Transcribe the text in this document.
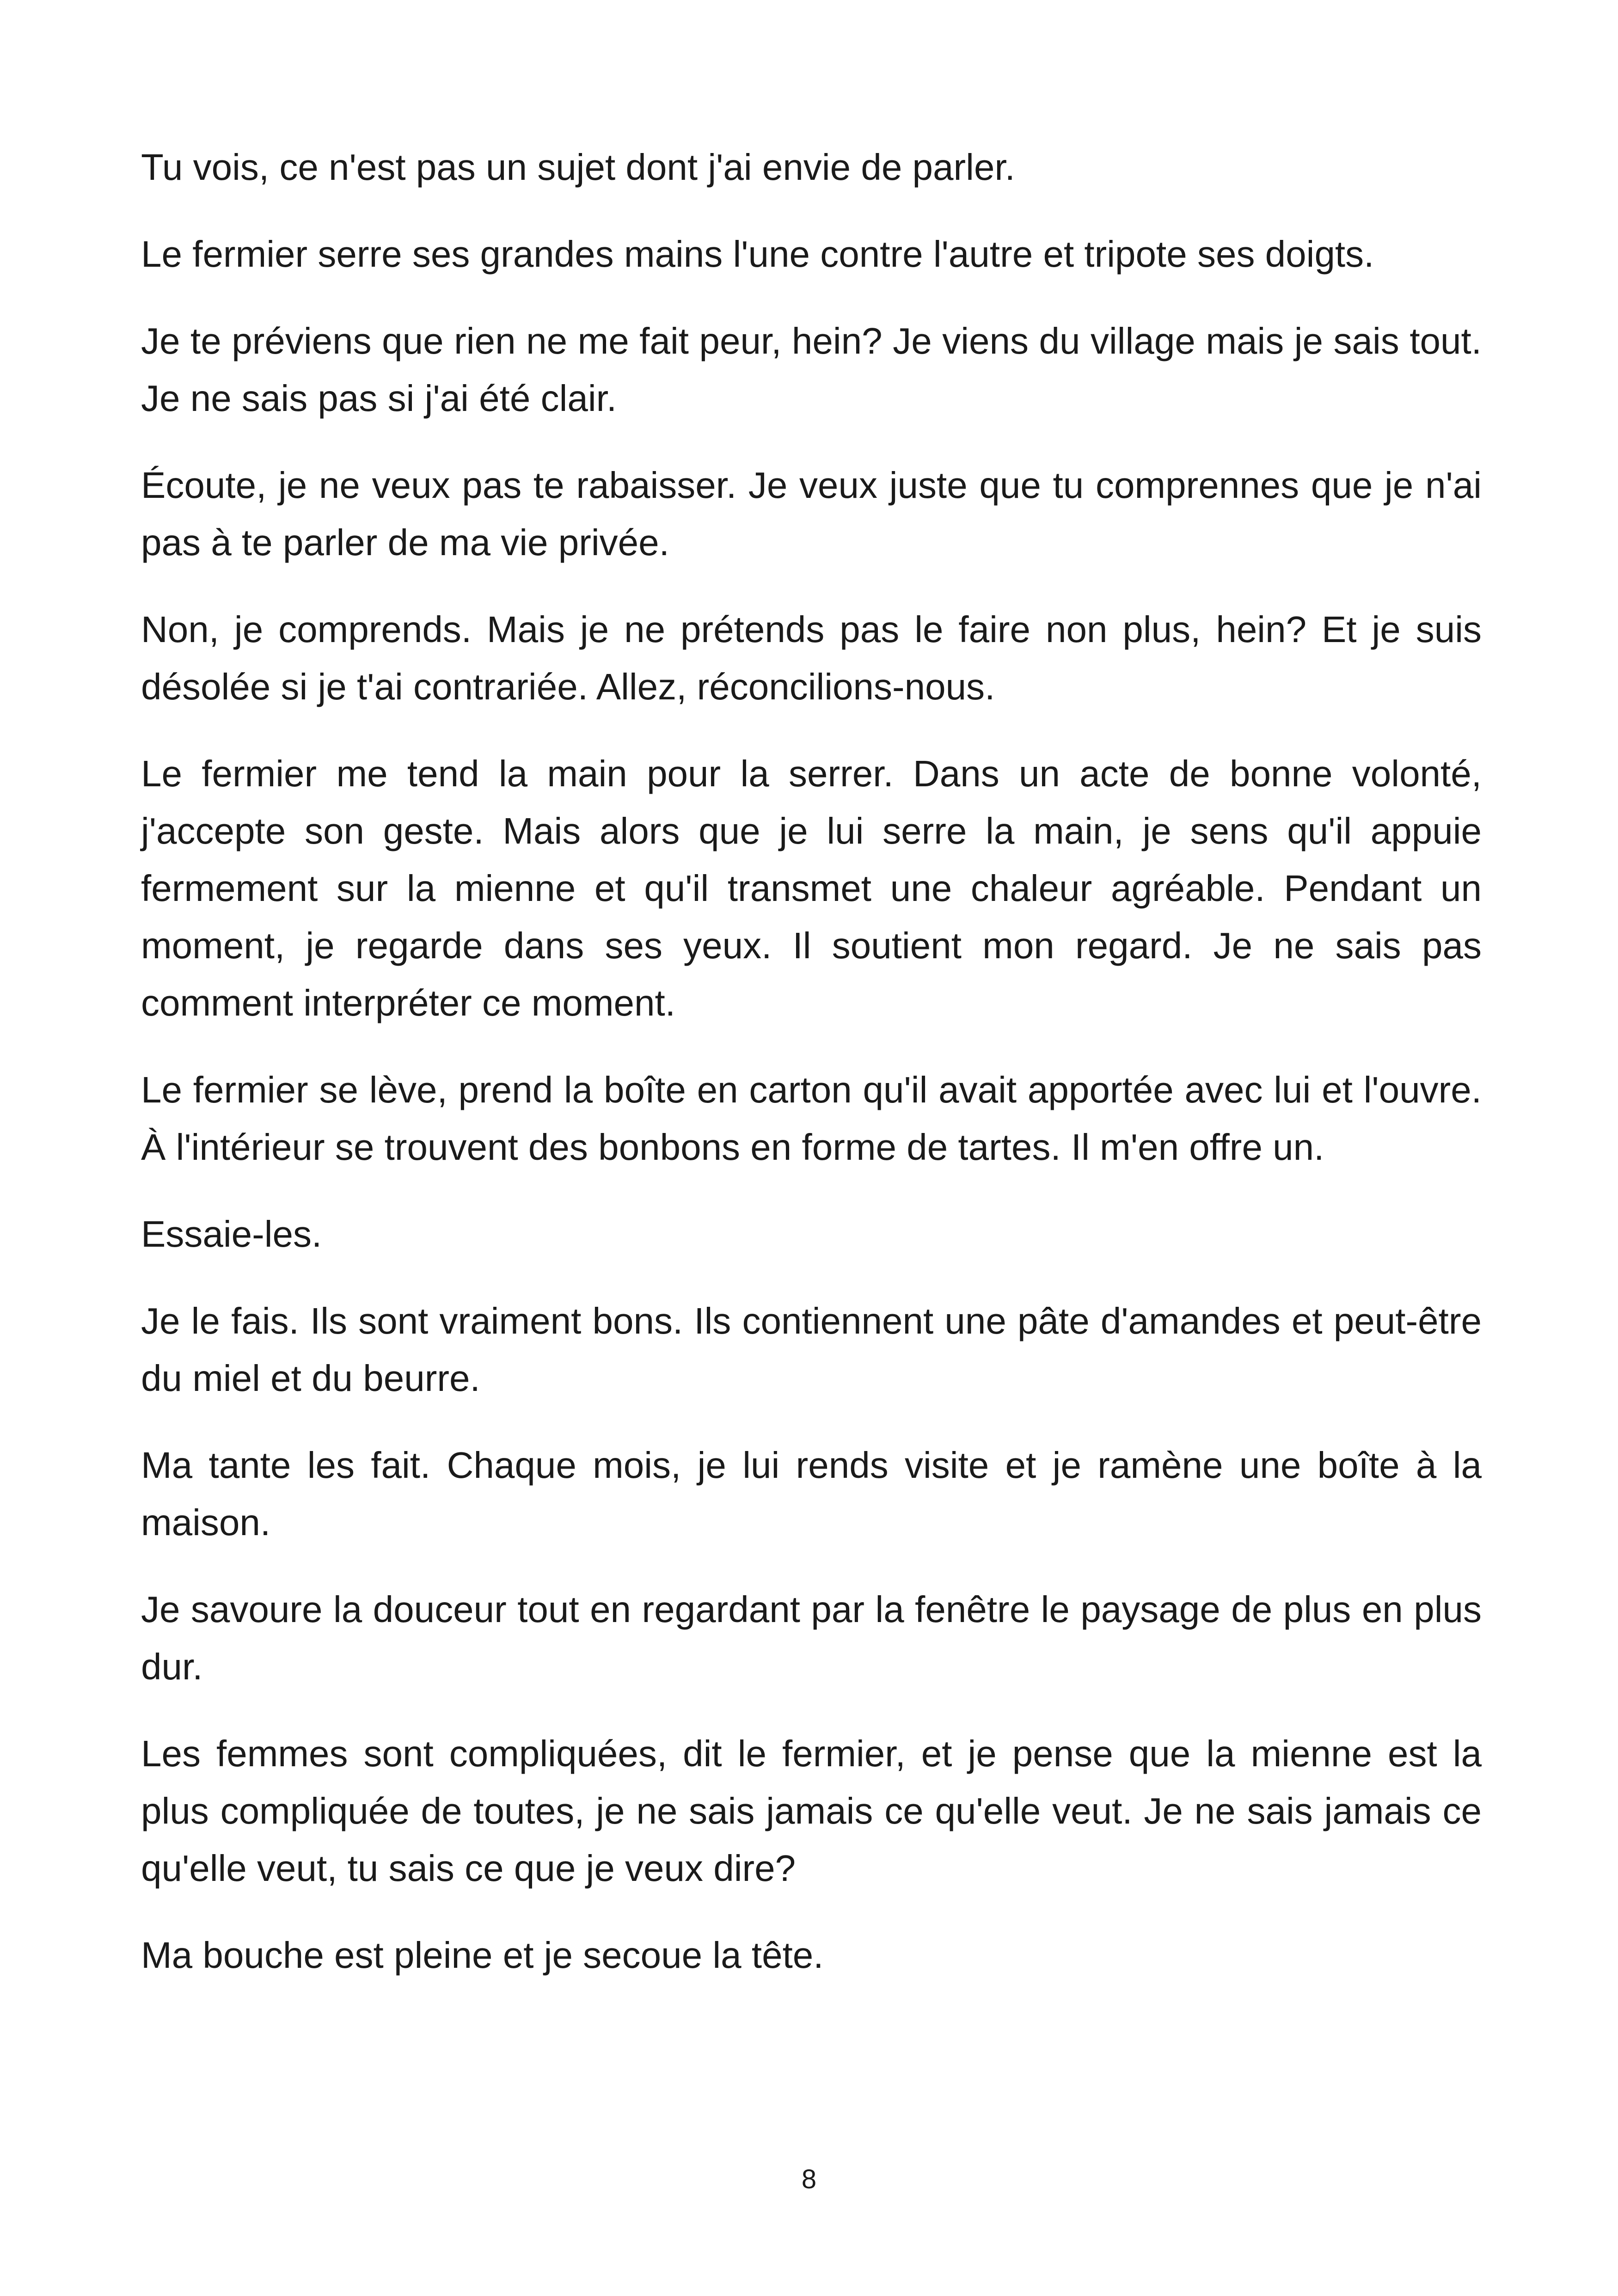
Tu vois, ce n'est pas un sujet dont j'ai envie de parler.

Le fermier serre ses grandes mains l'une contre l'autre et tripote ses doigts.

Je te préviens que rien ne me fait peur, hein? Je viens du village mais je sais tout. Je ne sais pas si j'ai été clair.

Écoute, je ne veux pas te rabaisser. Je veux juste que tu comprennes que je n'ai pas à te parler de ma vie privée.

Non, je comprends. Mais je ne prétends pas le faire non plus, hein? Et je suis désolée si je t'ai contrariée. Allez, réconcilions-nous.

Le fermier me tend la main pour la serrer. Dans un acte de bonne volonté, j'accepte son geste. Mais alors que je lui serre la main, je sens qu'il appuie fermement sur la mienne et qu'il transmet une chaleur agréable. Pendant un moment, je regarde dans ses yeux. Il soutient mon regard. Je ne sais pas comment interpréter ce moment.

Le fermier se lève, prend la boîte en carton qu'il avait apportée avec lui et l'ouvre. À l'intérieur se trouvent des bonbons en forme de tartes. Il m'en offre un.

Essaie-les.

Je le fais. Ils sont vraiment bons. Ils contiennent une pâte d'amandes et peut-être du miel et du beurre.

Ma tante les fait. Chaque mois, je lui rends visite et je ramène une boîte à la maison.

Je savoure la douceur tout en regardant par la fenêtre le paysage de plus en plus dur.

Les femmes sont compliquées, dit le fermier, et je pense que la mienne est la plus compliquée de toutes, je ne sais jamais ce qu'elle veut. Je ne sais jamais ce qu'elle veut, tu sais ce que je veux dire?

Ma bouche est pleine et je secoue la tête.

8
